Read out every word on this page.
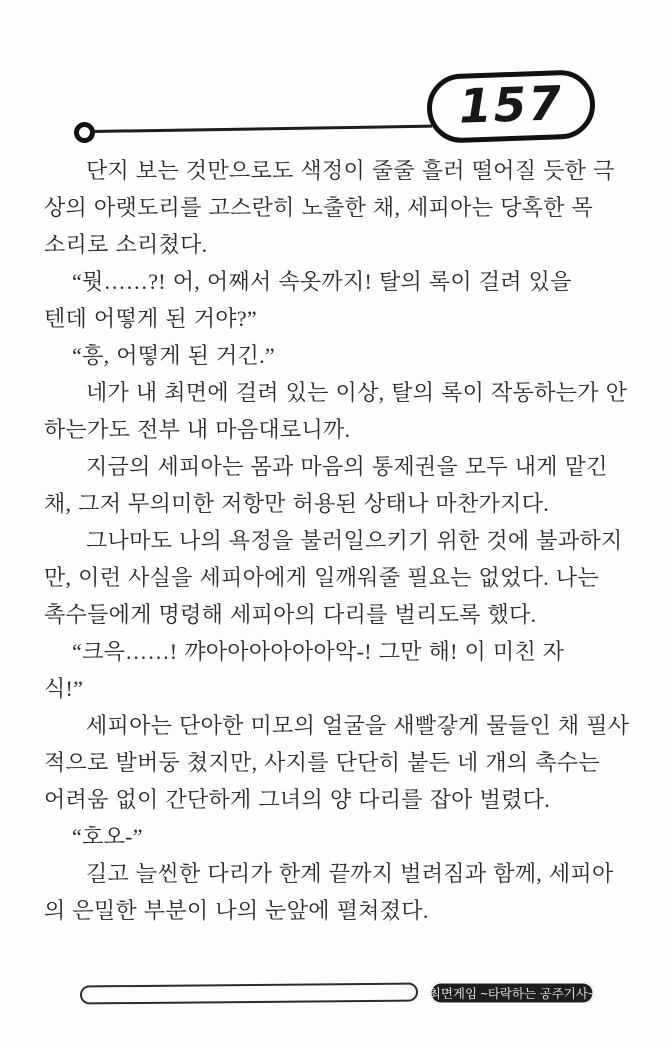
157
단지 보는 것만으로도 색정이 줄줄 흘러 떨어질 듯한 극
상의 아랫도리를 고스란히 노출한 채, 세피아는 당혹한 목
소리로 소리쳤다.
“뭣……?! 어, 어째서 속옷까지! 탈의 록이 걸려 있을
텐데 어떻게 된 거야?”
“흥, 어떻게 된 거긴.”
네가 내 최면에 걸려 있는 이상, 탈의 록이 작동하는가 안
하는가도 전부 내 마음대로니까.
지금의 세피아는 몸과 마음의 통제권을 모두 내게 맡긴
채, 그저 무의미한 저항만 허용된 상태나 마찬가지다.
그나마도 나의 욕정을 불러일으키기 위한 것에 불과하지
만, 이런 사실을 세피아에게 일깨워줄 필요는 없었다. 나는
촉수들에게 명령해 세피아의 다리를 벌리도록 했다.
“크윽……! 꺄아아아아아아악-! 그만 해! 이 미친 자
식!”
세피아는 단아한 미모의 얼굴을 새빨갛게 물들인 채 필사
적으로 발버둥 쳤지만, 사지를 단단히 붙든 네 개의 촉수는
어려움 없이 간단하게 그녀의 양 다리를 잡아 벌렸다.
“호오-”
길고 늘씬한 다리가 한계 끝까지 벌려짐과 함께, 세피아
의 은밀한 부분이 나의 눈앞에 펼쳐졌다.
최면게임 ~타락하는 공주기사~
